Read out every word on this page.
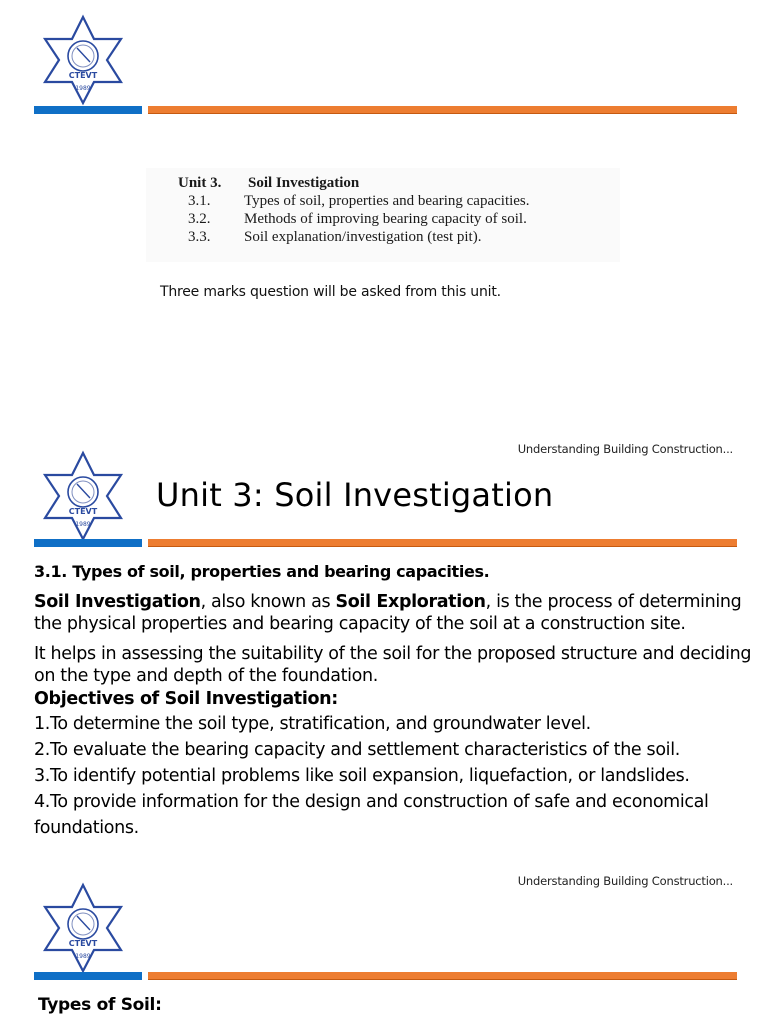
CTEVT
1989
Unit 3. Soil Investigation
3.1. Types of soil, properties and bearing capacities.
3.2. Methods of improving bearing capacity of soil.
3.3. Soil explanation/investigation (test pit).
Three marks question will be asked from this unit.
Understanding Building Construction...
CTEVT
1989
Unit 3: Soil Investigation
3.1. Types of soil, properties and bearing capacities.

Soil Investigation, also known as Soil Exploration, is the process of determining the physical properties and bearing capacity of the soil at a construction site.

It helps in assessing the suitability of the soil for the proposed structure and deciding on the type and depth of the foundation.

Objectives of Soil Investigation:
1.To determine the soil type, stratification, and groundwater level.
2.To evaluate the bearing capacity and settlement characteristics of the soil.
3.To identify potential problems like soil expansion, liquefaction, or landslides.
4.To provide information for the design and construction of safe and economical foundations.
Understanding Building Construction...
CTEVT
1989
Types of Soil:
